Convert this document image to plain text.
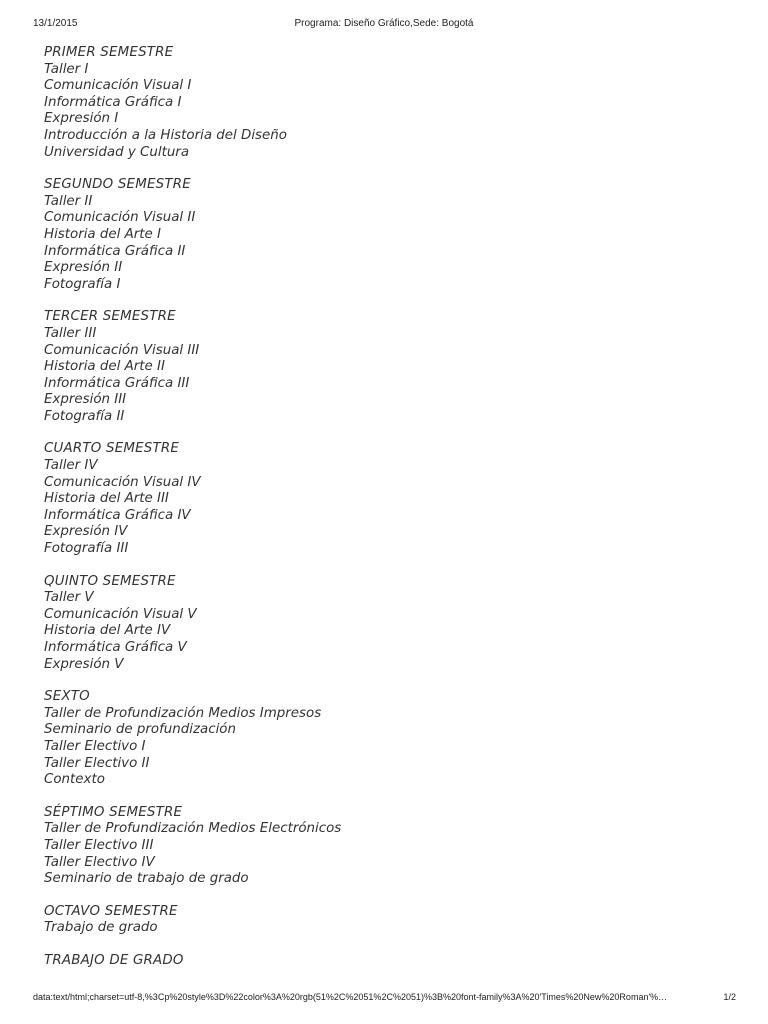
13/1/2015	Programa: Diseño Gráfico,Sede: Bogotá
PRIMER SEMESTRE
Taller I
Comunicación Visual I
Informática Gráfica I
Expresión I
Introducción a la Historia del Diseño
Universidad y Cultura
SEGUNDO SEMESTRE
Taller II
Comunicación Visual II
Historia del Arte I
Informática Gráfica II
Expresión II
Fotografía I
TERCER SEMESTRE
Taller III
Comunicación Visual III
Historia del Arte II
Informática Gráfica III
Expresión III
Fotografía II
CUARTO SEMESTRE
Taller IV
Comunicación Visual IV
Historia del Arte III
Informática Gráfica IV
Expresión IV
Fotografía III
QUINTO SEMESTRE
Taller V
Comunicación Visual V
Historia del Arte IV
Informática Gráfica V
Expresión V
SEXTO
Taller de Profundización Medios Impresos
Seminario de profundización
Taller Electivo I
Taller Electivo II
Contexto
SÉPTIMO SEMESTRE
Taller de Profundización Medios Electrónicos
Taller Electivo III
Taller Electivo IV
Seminario de trabajo de grado
OCTAVO SEMESTRE
Trabajo de grado
TRABAJO DE GRADO
data:text/html;charset=utf-8,%3Cp%20style%3D%22color%3A%20rgb(51%2C%2051%2C%2051)%3B%20font-family%3A%20'Times%20New%20Roman'%…	1/2
